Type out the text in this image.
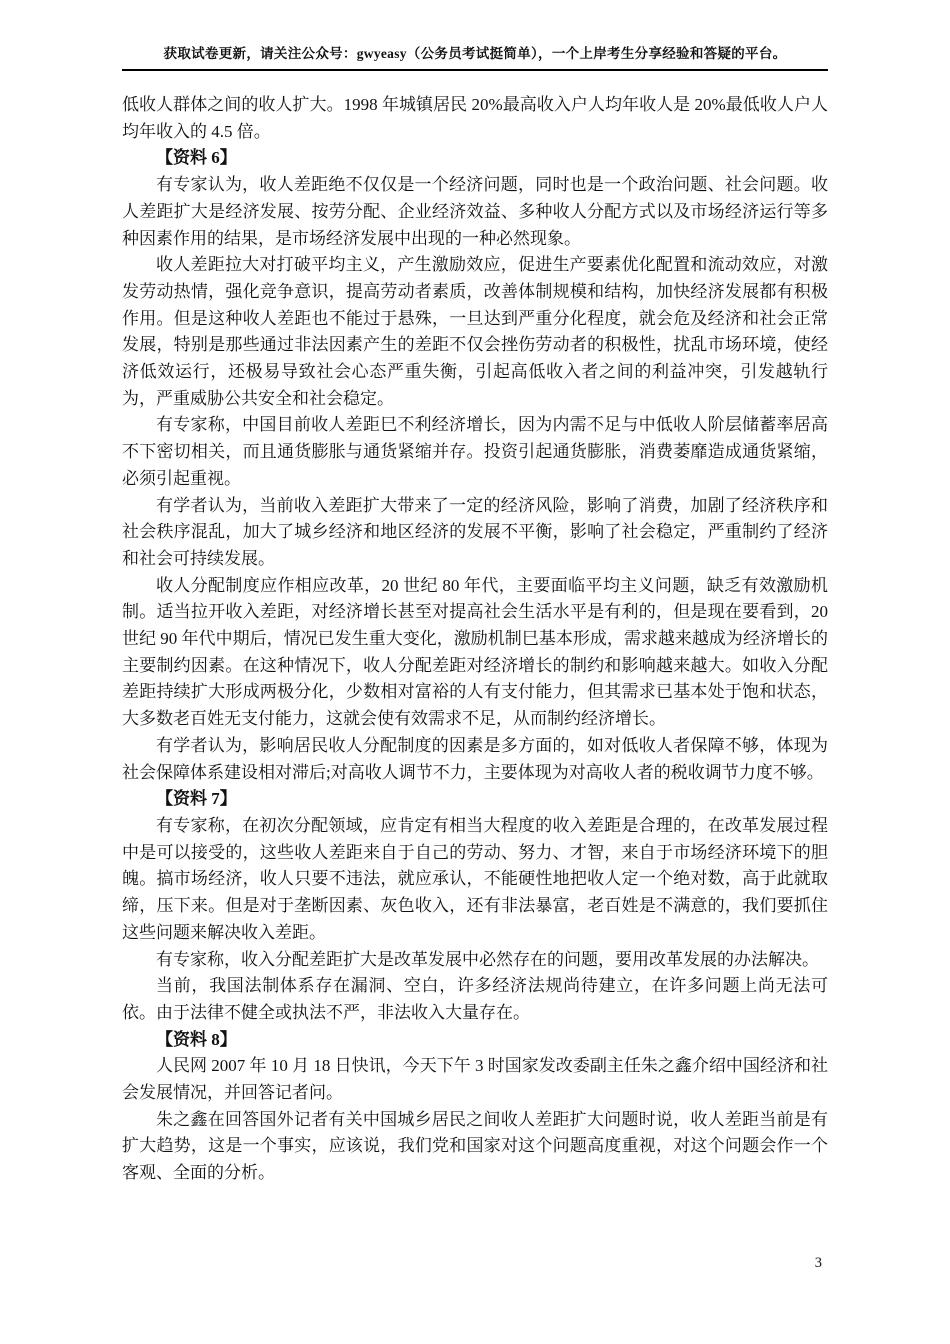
获取试卷更新，请关注公众号：gwyeasy（公务员考试挺简单），一个上岸考生分享经验和答疑的平台。

低收人群体之间的收人扩大。1998 年城镇居民 20%最高收入户人均年收人是 20%最低收人户人均年收入的 4.5 倍。

【资料 6】

有专家认为，收人差距绝不仅仅是一个经济问题，同时也是一个政治问题、社会问题。收人差距扩大是经济发展、按劳分配、企业经济效益、多种收人分配方式以及市场经济运行等多种因素作用的结果，是市场经济发展中出现的一种必然现象。

收人差距拉大对打破平均主义，产生激励效应，促进生产要素优化配置和流动效应，对激发劳动热情，强化竞争意识，提高劳动者素质，改善体制规模和结构，加快经济发展都有积极作用。但是这种收人差距也不能过于悬殊，一旦达到严重分化程度，就会危及经济和社会正常发展，特别是那些通过非法因素产生的差距不仅会挫伤劳动者的积极性，扰乱市场环境，使经济低效运行，还极易导致社会心态严重失衡，引起高低收入者之间的利益冲突，引发越轨行为，严重威胁公共安全和社会稳定。

有专家称，中国目前收人差距巳不利经济增长，因为内需不足与中低收人阶层储蓄率居高不下密切相关，而且通货膨胀与通货紧缩并存。投资引起通货膨胀，消费萎靡造成通货紧缩，必须引起重视。

有学者认为，当前收入差距扩大带来了一定的经济风险，影响了消费，加剧了经济秩序和社会秩序混乱，加大了城乡经济和地区经济的发展不平衡，影响了社会稳定，严重制约了经济和社会可持续发展。

收人分配制度应作相应改革，20 世纪 80 年代，主要面临平均主义问题，缺乏有效激励机制。适当拉开收入差距，对经济增长甚至对提高社会生活水平是有利的，但是现在要看到，20 世纪 90 年代中期后，情况已发生重大变化，激励机制巳基本形成，需求越来越成为经济增长的主要制约因素。在这种情况下，收人分配差距对经济增长的制约和影响越来越大。如收入分配差距持续扩大形成两极分化，少数相对富裕的人有支付能力，但其需求已基本处于饱和状态，大多数老百姓无支付能力，这就会使有效需求不足，从而制约经济增长。

有学者认为，影响居民收人分配制度的因素是多方面的，如对低收人者保障不够，体现为社会保障体系建设相对滞后;对高收人调节不力，主要体现为对高收人者的税收调节力度不够。

【资料 7】

有专家称，在初次分配领域，应肯定有相当大程度的收入差距是合理的，在改革发展过程中是可以接受的，这些收人差距来自于自己的劳动、努力、才智，来自于市场经济环境下的胆魄。搞市场经济，收人只要不违法，就应承认，不能硬性地把收人定一个绝对数，高于此就取缔，压下来。但是对于垄断因素、灰色收入，还有非法暴富，老百姓是不满意的，我们要抓住这些问题来解决收入差距。

有专家称，收入分配差距扩大是改革发展中必然存在的问题，要用改革发展的办法解决。

当前，我国法制体系存在漏洞、空白，许多经济法规尚待建立，在许多问题上尚无法可依。由于法律不健全或执法不严，非法收入大量存在。

【资料 8】

人民网 2007 年 10 月 18 日快讯，今天下午 3 时国家发改委副主任朱之鑫介绍中国经济和社会发展情况，并回答记者问。

朱之鑫在回答国外记者有关中国城乡居民之间收人差距扩大问题时说，收人差距当前是有扩大趋势，这是一个事实，应该说，我们党和国家对这个问题高度重视，对这个问题会作一个客观、全面的分析。

3
